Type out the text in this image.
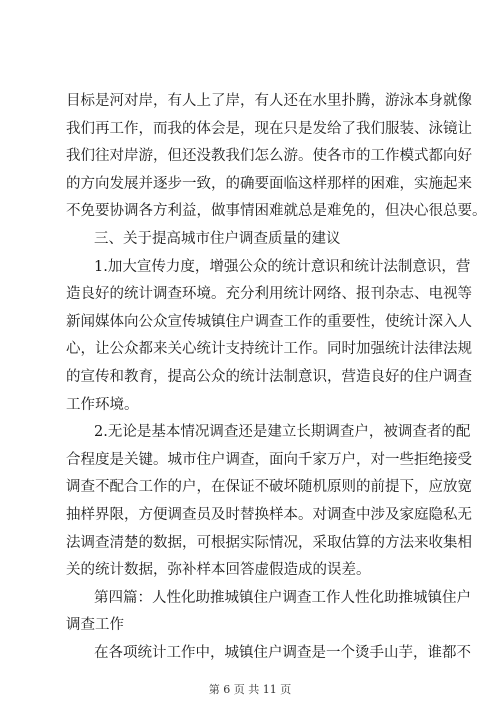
目标是河对岸，有人上了岸，有人还在水里扑腾，游泳本身就像
我们再工作，而我的体会是，现在只是发给了我们服装、泳镜让
我们往对岸游，但还没教我们怎么游。使各市的工作模式都向好
的方向发展并逐步一致，的确要面临这样那样的困难，实施起来
不免要协调各方利益，做事情困难就总是难免的，但决心很总要。
三、关于提高城市住户调查质量的建议
1.加大宣传力度，增强公众的统计意识和统计法制意识，营
造良好的统计调查环境。充分利用统计网络、报刊杂志、电视等
新闻媒体向公众宣传城镇住户调查工作的重要性，使统计深入人
心，让公众都来关心统计支持统计工作。同时加强统计法律法规
的宣传和教育，提高公众的统计法制意识，营造良好的住户调查
工作环境。
2.无论是基本情况调查还是建立长期调查户，被调查者的配
合程度是关键。城市住户调查，面向千家万户，对一些拒绝接受
调查不配合工作的户，在保证不破坏随机原则的前提下，应放宽
抽样界限，方便调查员及时替换样本。对调查中涉及家庭隐私无
法调查清楚的数据，可根据实际情况，采取估算的方法来收集相
关的统计数据，弥补样本回答虚假造成的误差。
第四篇：人性化助推城镇住户调查工作人性化助推城镇住户
调查工作
在各项统计工作中，城镇住户调查是一个烫手山芋，谁都不
第 6 页 共 11 页
